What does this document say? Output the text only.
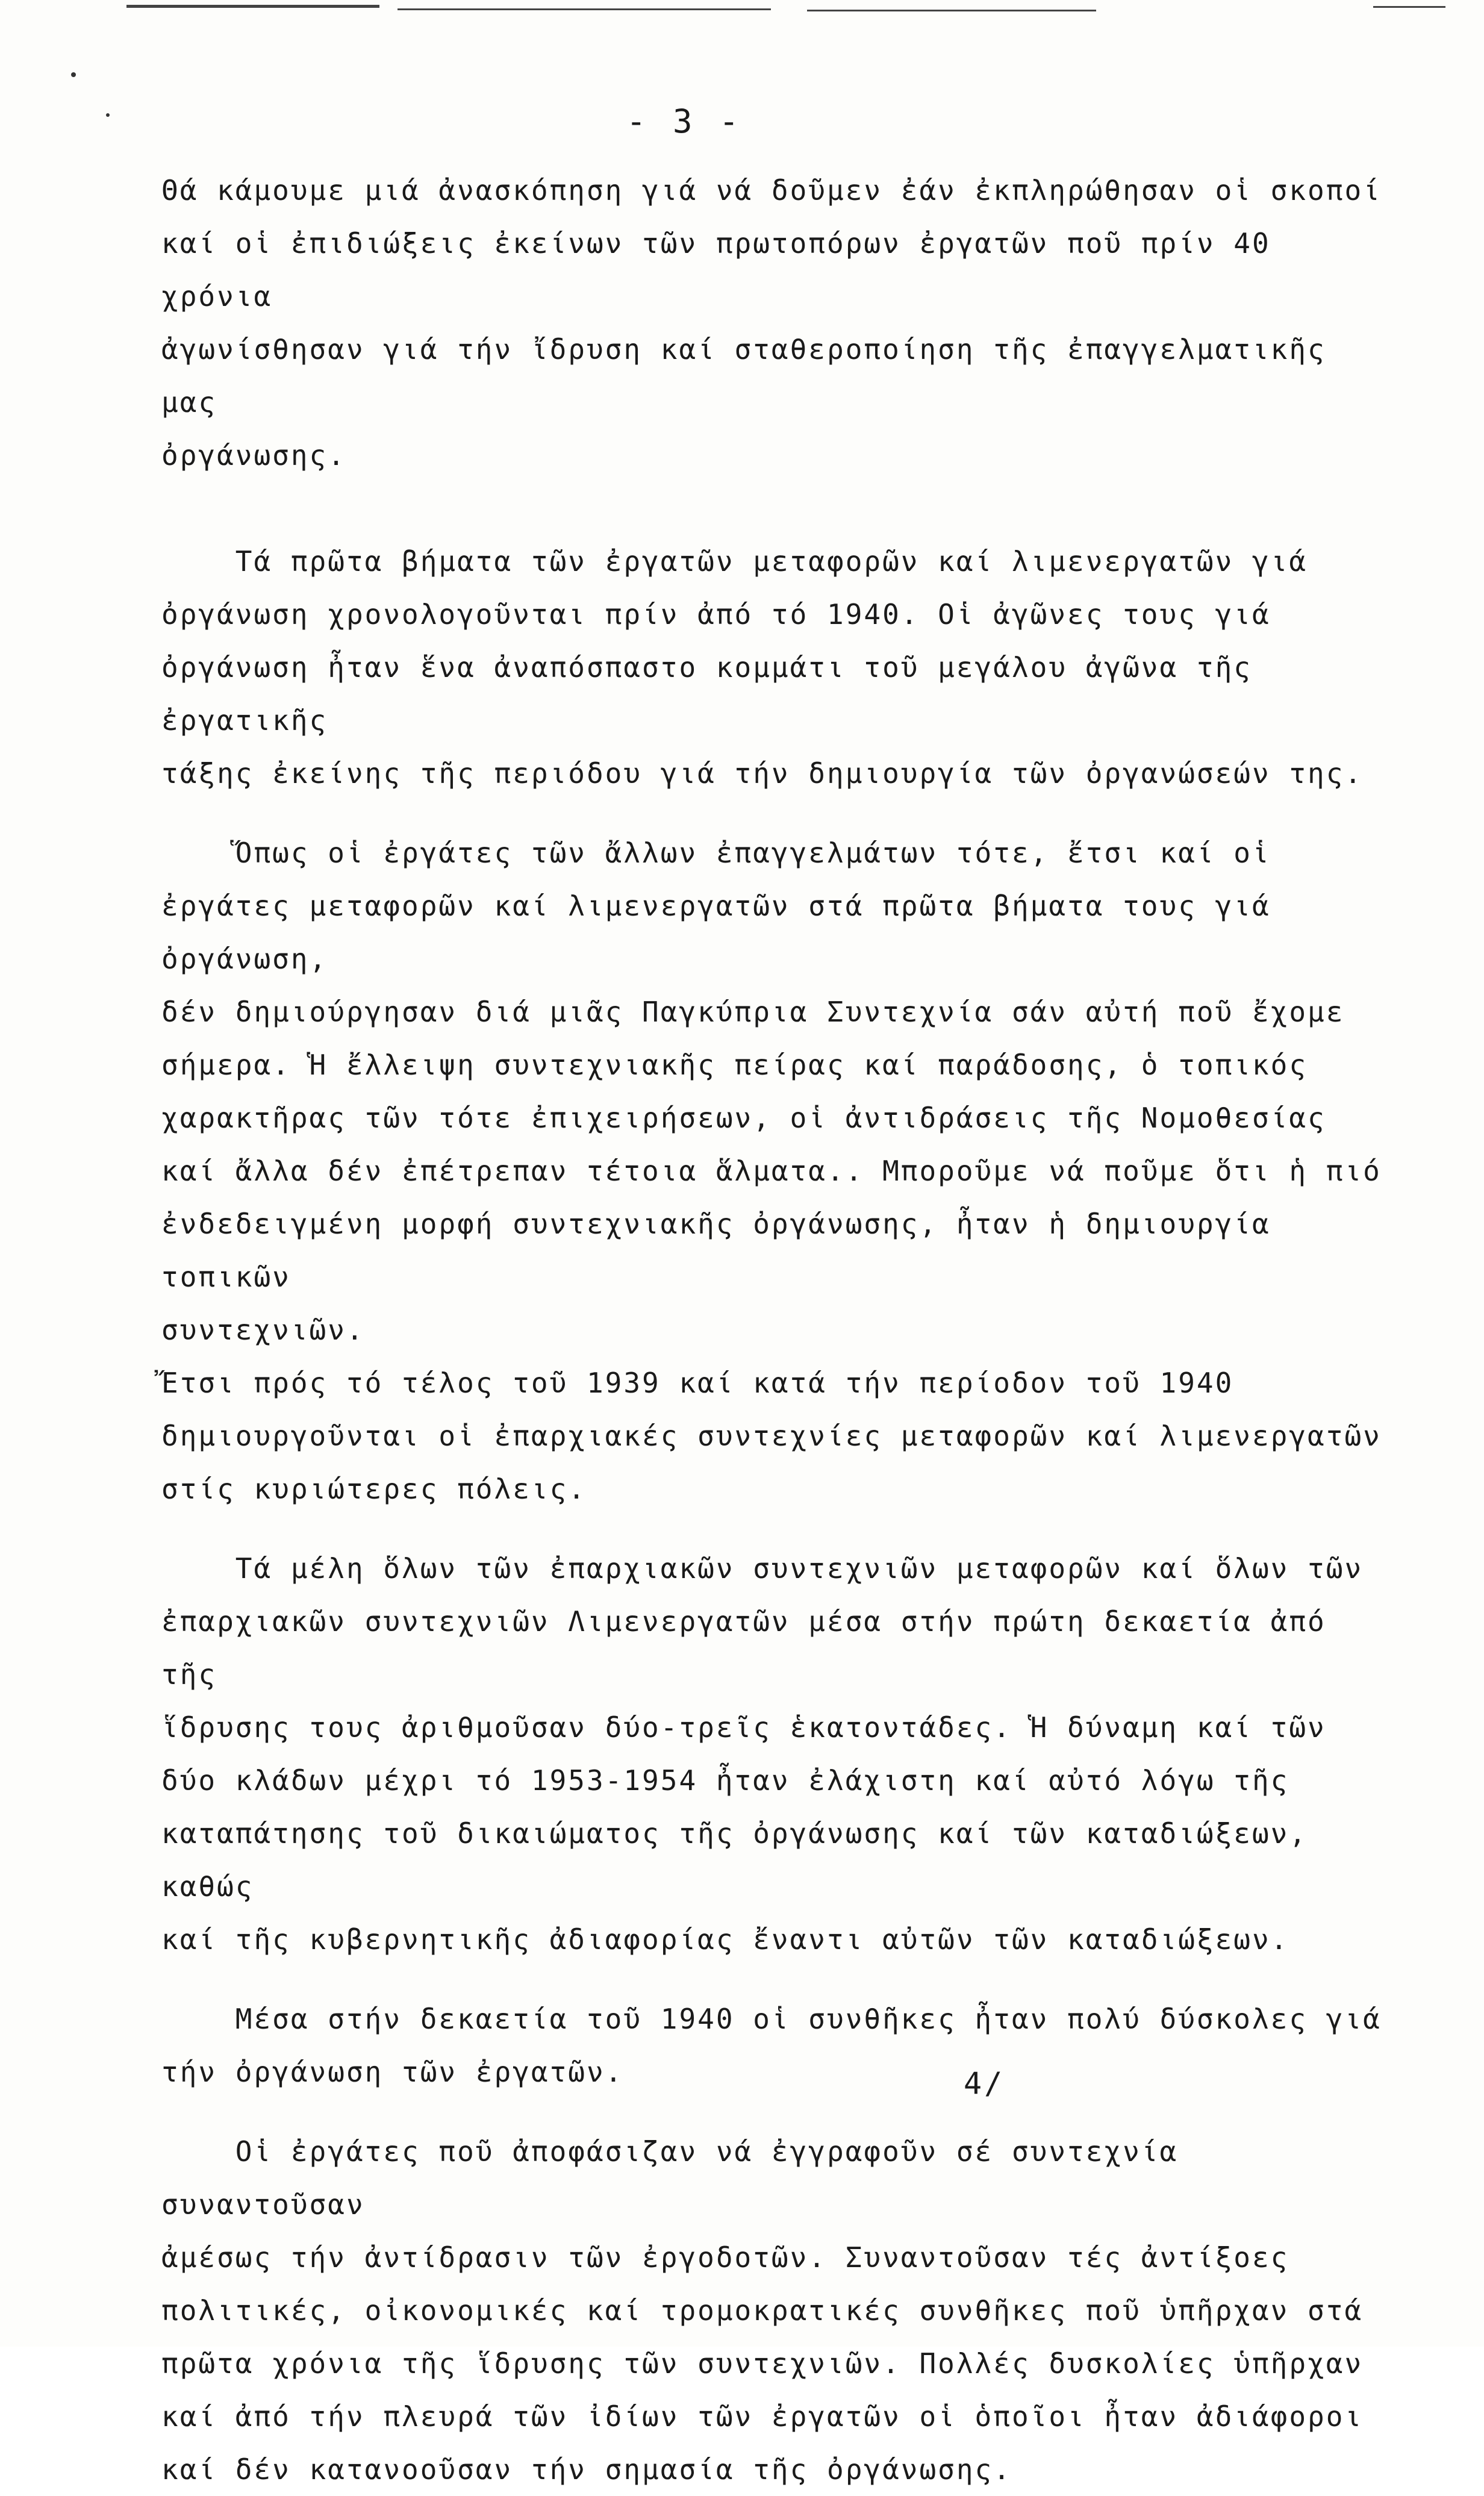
- 3 -

Θά κάμουμε μιά ἀνασκόπηση γιά νά δοῦμεν ἐάν ἐκπληρώθησαν οἱ σκοποί
καί οἱ ἐπιδιώξεις ἐκείνων τῶν πρωτοπόρων ἐργατῶν ποῦ πρίν 40 χρόνια
ἀγωνίσθησαν γιά τήν ἴδρυση καί σταθεροποίηση τῆς ἐπαγγελματικῆς μας
ὀργάνωσης.

Τά πρῶτα βήματα τῶν ἐργατῶν μεταφορῶν καί λιμενεργατῶν γιά
ὀργάνωση χρονολογοῦνται πρίν ἀπό τό 1940. Οἱ ἀγῶνες τους γιά
ὀργάνωση ἦταν ἕνα ἀναπόσπαστο κομμάτι τοῦ μεγάλου ἀγῶνα τῆς ἐργατικῆς
τάξης ἐκείνης τῆς περιόδου γιά τήν δημιουργία τῶν ὀργανώσεών της.

Ὅπως οἱ ἐργάτες τῶν ἄλλων ἐπαγγελμάτων τότε, ἔτσι καί οἱ
ἐργάτες μεταφορῶν καί λιμενεργατῶν στά πρῶτα βήματα τους γιά ὀργάνωση,
δέν δημιούργησαν διά μιᾶς Παγκύπρια Συντεχνία σάν αὐτή ποῦ ἔχομε
σήμερα. Ἡ ἔλλειψη συντεχνιακῆς πείρας καί παράδοσης, ὁ τοπικός
χαρακτῆρας τῶν τότε ἐπιχειρήσεων, οἱ ἀντιδράσεις τῆς Νομοθεσίας
καί ἄλλα δέν ἐπέτρεπαν τέτοια ἅλματα.. Μποροῦμε νά ποῦμε ὅτι ἡ πιό
ἐνδεδειγμένη μορφή συντεχνιακῆς ὀργάνωσης, ἦταν ἡ δημιουργία τοπικῶν
συντεχνιῶν.

Ἔτσι πρός τό τέλος τοῦ 1939 καί κατά τήν περίοδον τοῦ 1940
δημιουργοῦνται οἱ ἐπαρχιακές συντεχνίες μεταφορῶν καί λιμενεργατῶν
στίς κυριώτερες πόλεις.

Τά μέλη ὅλων τῶν ἐπαρχιακῶν συντεχνιῶν μεταφορῶν καί ὅλων τῶν
ἐπαρχιακῶν συντεχνιῶν Λιμενεργατῶν μέσα στήν πρώτη δεκαετία ἀπό τῆς
ἵδρυσης τους ἀριθμοῦσαν δύο-τρεῖς ἑκατοντάδες. Ἡ δύναμη καί τῶν
δύο κλάδων μέχρι τό 1953-1954 ἦταν ἐλάχιστη καί αὐτό λόγω τῆς
καταπάτησης τοῦ δικαιώματος τῆς ὀργάνωσης καί τῶν καταδιώξεων, καθώς
καί τῆς κυβερνητικῆς ἀδιαφορίας ἔναντι αὐτῶν τῶν καταδιώξεων.

Μέσα στήν δεκαετία τοῦ 1940 οἱ συνθῆκες ἦταν πολύ δύσκολες γιά
τήν ὀργάνωση τῶν ἐργατῶν.

Οἱ ἐργάτες ποῦ ἀποφάσιζαν νά ἐγγραφοῦν σέ συντεχνία συναντοῦσαν
ἀμέσως τήν ἀντίδρασιν τῶν ἐργοδοτῶν. Συναντοῦσαν τές ἀντίξοες
πολιτικές, οἰκονομικές καί τρομοκρατικές συνθῆκες ποῦ ὑπῆρχαν στά
πρῶτα χρόνια τῆς ἵδρυσης τῶν συντεχνιῶν. Πολλές δυσκολίες ὑπῆρχαν
καί ἀπό τήν πλευρά τῶν ἰδίων τῶν ἐργατῶν οἱ ὁποῖοι ἦταν ἀδιάφοροι
καί δέν κατανοοῦσαν τήν σημασία τῆς ὀργάνωσης.

4/
